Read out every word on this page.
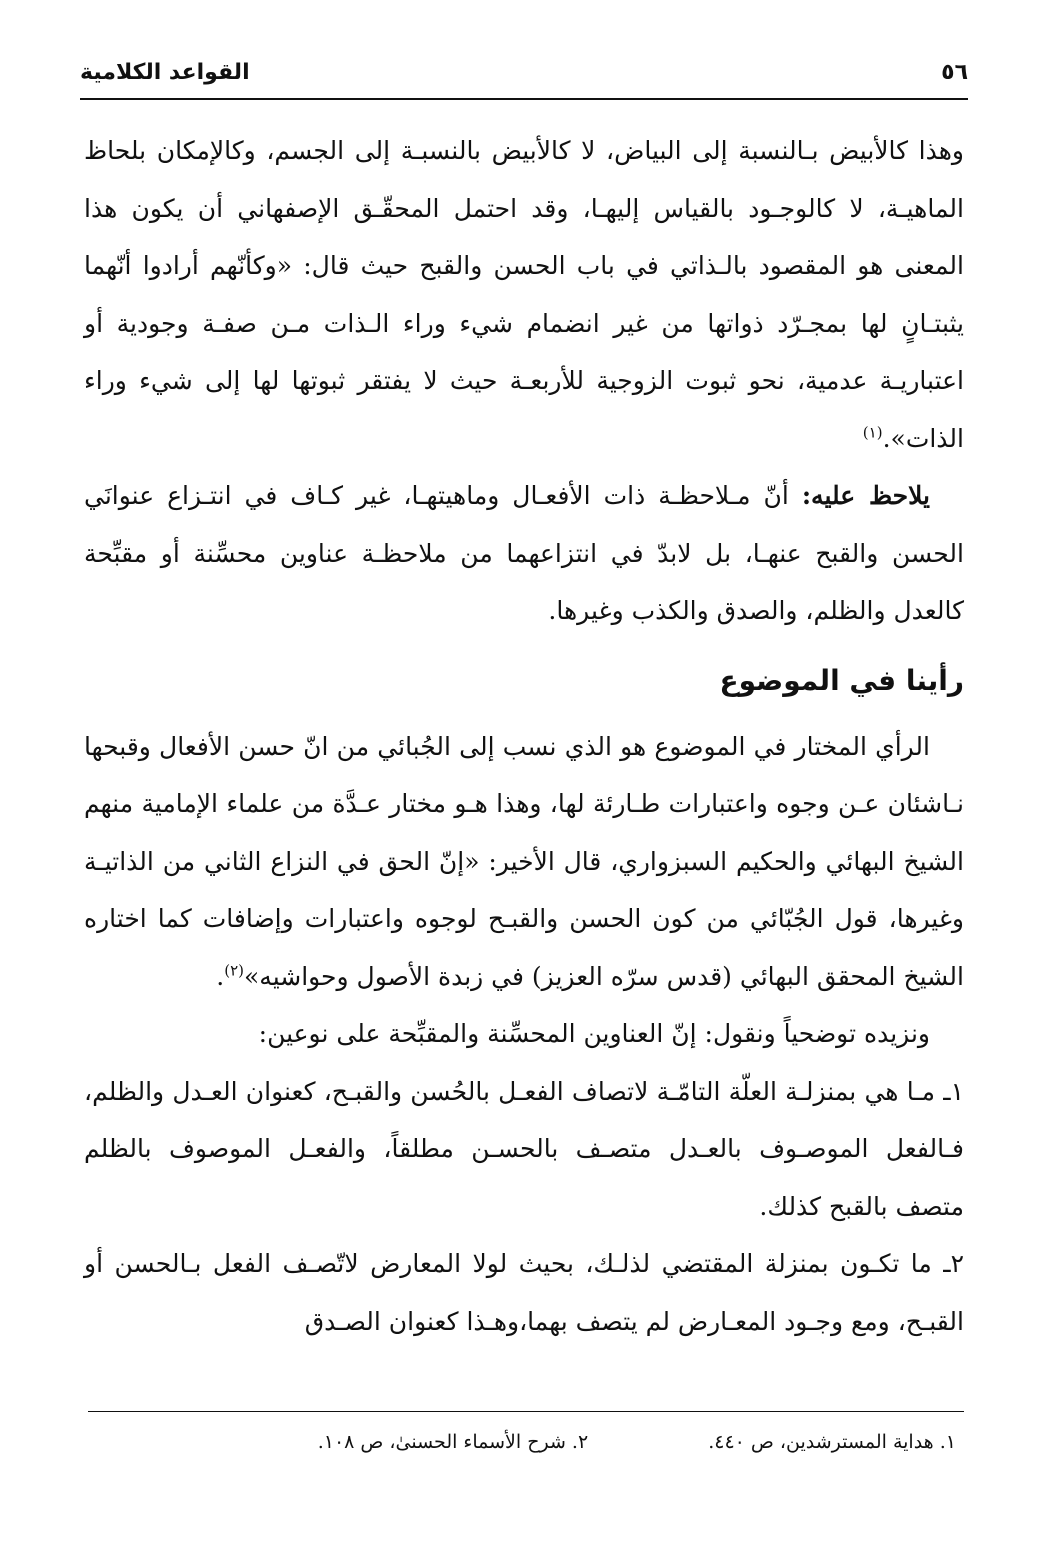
٥٦
القواعد الكلامية

وهذا كالأبيض بـالنسبة إلى البياض، لا كالأبيض بالنسبـة إلى الجسم، وكالإمكان بلحاظ الماهيـة، لا كالوجـود بالقياس إليهـا، وقد احتمل المحقّـق الإصفهاني أن يكون هذا المعنى هو المقصود بالـذاتي في باب الحسن والقبح حيث قال: «وكأنّهم أرادوا أنّهما يثبتـانٍ لها بمجـرّد ذواتها من غير انضمام شيء وراء الـذات مـن صفـة وجودية أو اعتباريـة عدمية، نحو ثبوت الزوجية للأربعـة حيث لا يفتقر ثبوتها لها إلى شيء وراء الذات».$^{(١)}$

يلاحظ عليه: أنّ مـلاحظـة ذات الأفعـال وماهيتهـا، غير كـاف في انتـزاع عنوانَي الحسن والقبح عنهـا، بل لابدّ في انتزاعهما من ملاحظـة عناوين محسِّنة أو مقبِّحة كالعدل والظلم، والصدق والكذب وغيرها.

رأينا في الموضوع

الرأي المختار في الموضوع هو الذي نسب إلى الجُبائي من انّ حسن الأفعال وقبحها نـاشئان عـن وجوه واعتبارات طـارئة لها، وهذا هـو مختار عـدَّة من علماء الإمامية منهم الشيخ البهائي والحكيم السبزواري، قال الأخير: «إنّ الحق في النزاع الثاني من الذاتيـة وغيرها، قول الجُبّائي من كون الحسن والقبـح لوجوه واعتبارات وإضافات كما اختاره الشيخ المحقق البهائي (قدس سرّه العزيز) في زبدة الأصول وحواشيه»$^{(٢)}$.

ونزيده توضحياً ونقول: إنّ العناوين المحسِّنة والمقبِّحة على نوعين:

١ـ مـا هي بمنزلـة العلّة التامّـة لاتصاف الفعـل بالحُسن والقبـح، كعنوان العـدل والظلم، فـالفعل الموصـوف بالعـدل متصـف بالحسـن مطلقاً، والفعـل الموصوف بالظلم متصف بالقبح كذلك.

٢ـ ما تكـون بمنزلة المقتضي لذلـك، بحيث لولا المعارض لاتّصـف الفعل بـالحسن أو القبـح، ومع وجـود المعـارض لم يتصف بهما،وهـذا كعنوان الصـدق

١. هداية المسترشدين، ص ٤٤٠.
٢. شرح الأسماء الحسنىٰ، ص ١٠٨.
